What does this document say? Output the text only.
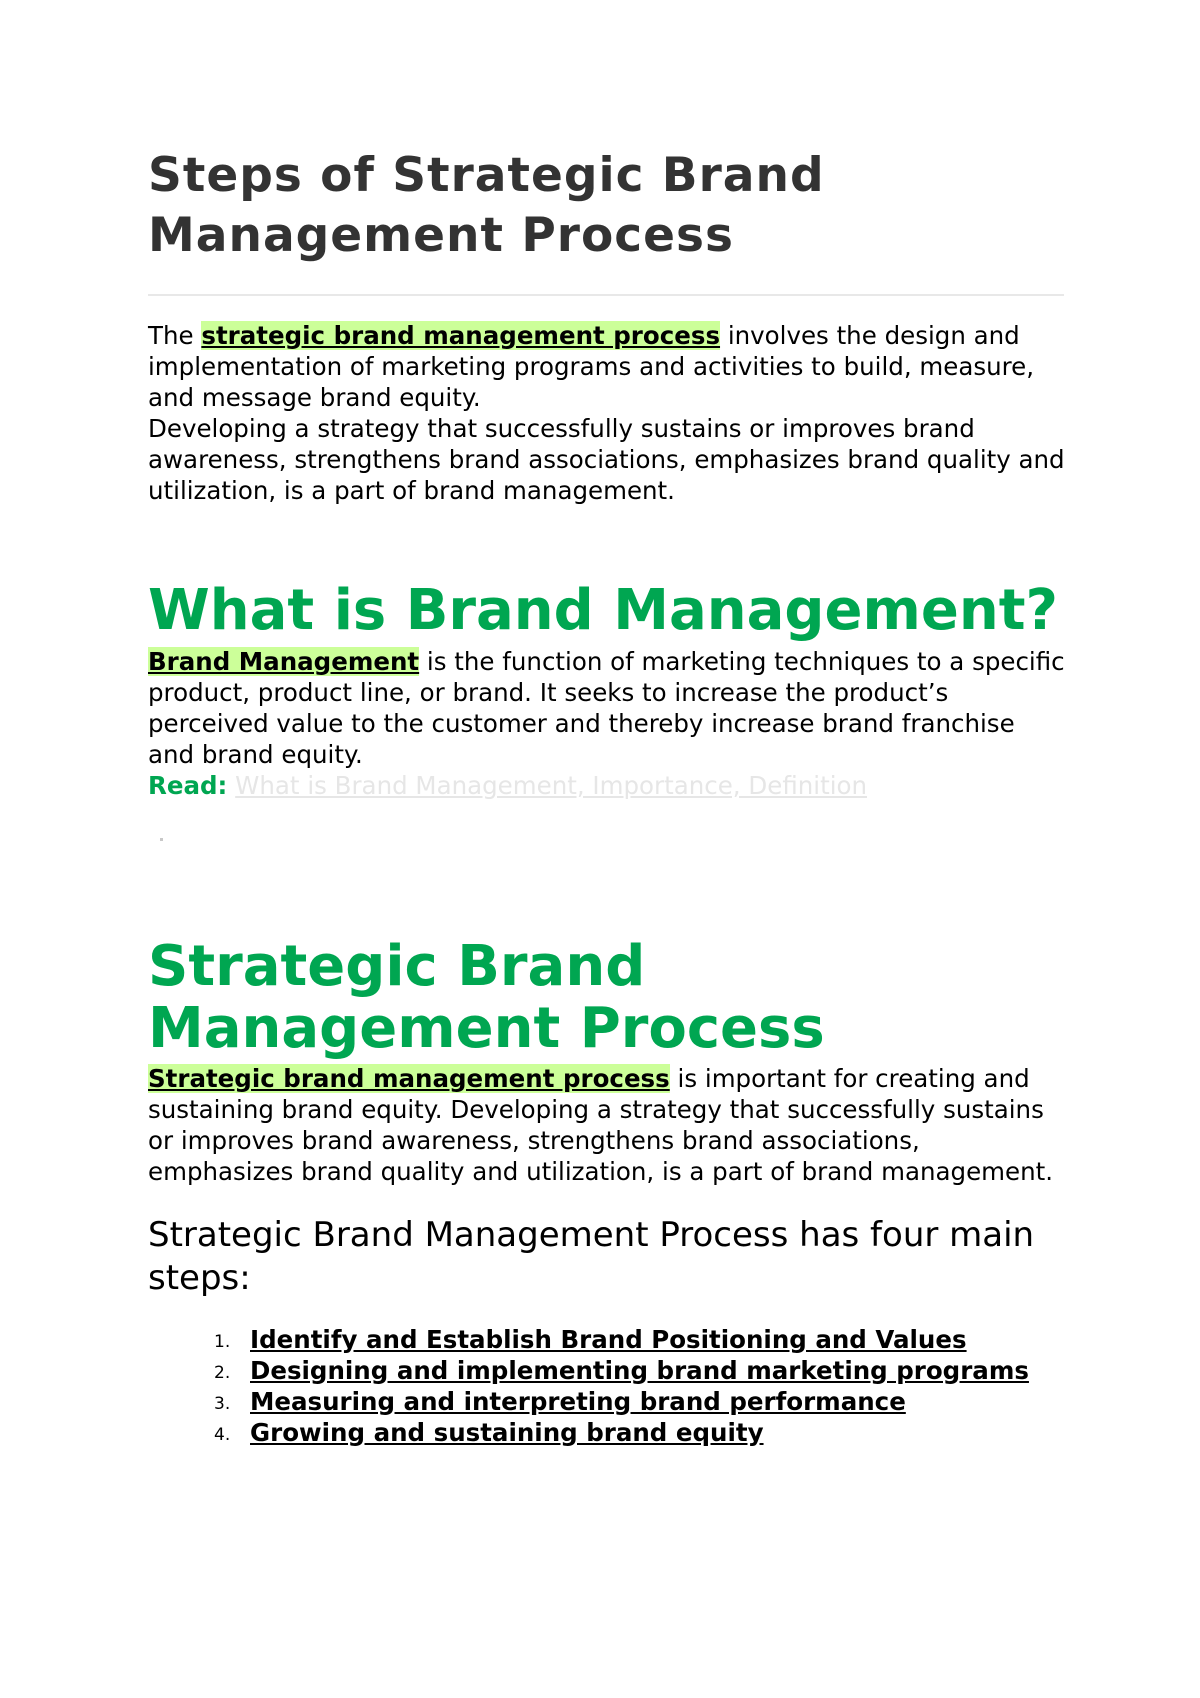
Steps of Strategic Brand Management Process

The strategic brand management process involves the design and implementation of marketing programs and activities to build, measure, and message brand equity.
Developing a strategy that successfully sustains or improves brand awareness, strengthens brand associations, emphasizes brand quality and utilization, is a part of brand management.

What is Brand Management?

Brand Management is the function of marketing techniques to a specific product, product line, or brand. It seeks to increase the product’s perceived value to the customer and thereby increase brand franchise and brand equity.

Read: What is Brand Management, Importance, Definition

Strategic Brand Management Process

Strategic brand management process is important for creating and sustaining brand equity. Developing a strategy that successfully sustains or improves brand awareness, strengthens brand associations, emphasizes brand quality and utilization, is a part of brand management.

Strategic Brand Management Process has four main steps:

1. Identify and Establish Brand Positioning and Values
2. Designing and implementing brand marketing programs
3. Measuring and interpreting brand performance
4. Growing and sustaining brand equity
